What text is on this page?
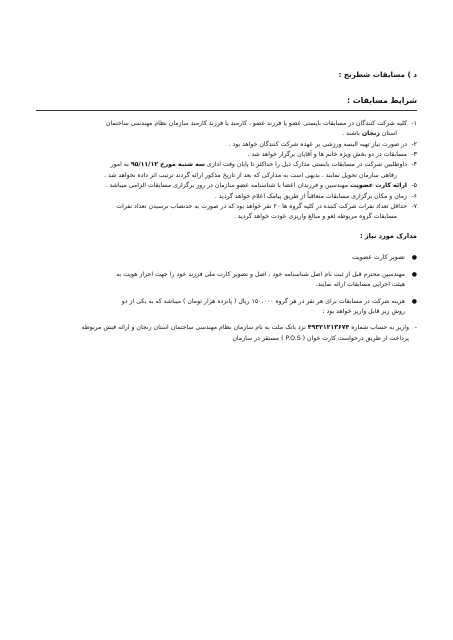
د ) مسابقات شطرنج :
شرایط مسابقات :
۱-
کلیه شرکت کنندگان در مسابقات بایستی عضو یا فرزند عضو ، کارمند یا فرزند کارمند سازمان نظام مهندسی ساختمان
استان زنجان باشند .
۲-
در صورت نیاز تهیه البسه ورزشی بر عهده شرکت کنندگان خواهد بود .
۳-
مسابقات در دو بخش ویژه خانم ها و آقایان برگزار خواهد شد .
۴-
داوطلبین شرکت در مسابقات بایستی مدارک ذیل را حداکثر تا پایان وقت اداری سه شنبه مورخ ۹۵/۱۱/۱۲ به امور
رفاهی سازمان تحویل نمایند . بدیهی است به مدارکی که بعد از تاریخ مذکور ارائه گردند ترتیب اثر داده نخواهد شد .
۵-
ارائه کارت عضویت مهندسین و فرزندان اعضا با شناسنامه عضو سازمان در روز برگزاری مسابقات الزامی میباشد .
۶-
زمان و مکان برگزاری مسابقات متعاقباً از طریق پیامک اعلام خواهد گردید .
۷-
حداقل تعداد نفرات شرکت کننده در کلیه گروه ها ۲۰ نفر خواهد بود که در صورت به حدنصاب نرسیدن تعداد نفرات
مسابقات گروه مربوطه لغو و مبالغ واریزی عودت خواهد گردید .
مدارک مورد نیاز :
●
تصویر کارت عضویت
●
مهندسین محترم قبل از ثبت نام اصل شناسنامه خود ، اصل و تصویر کارت ملی فرزند خود را جهت احراز هویت به
هیئت اجرایی مسابقات ارائه نمایند.
●
هزینه شرکت در مسابقات برای هر نفر در هر گروه ۱۵۰،۰۰۰ ریال ( پانزده هزار تومان ) میباشد که به یکی از دو
روش زیر قابل واریز خواهد بود :
-
واریز به حساب شماره ۴۹۳۲۱۲۱۳۶۷۴ نزد بانک ملت به نام سازمان نظام مهندسی ساختمان استان زنجان و ارائه فیش مربوطه
پرداخت از طریق درخواست کارت خوان ( P.O.S ) مستقر در سازمان
